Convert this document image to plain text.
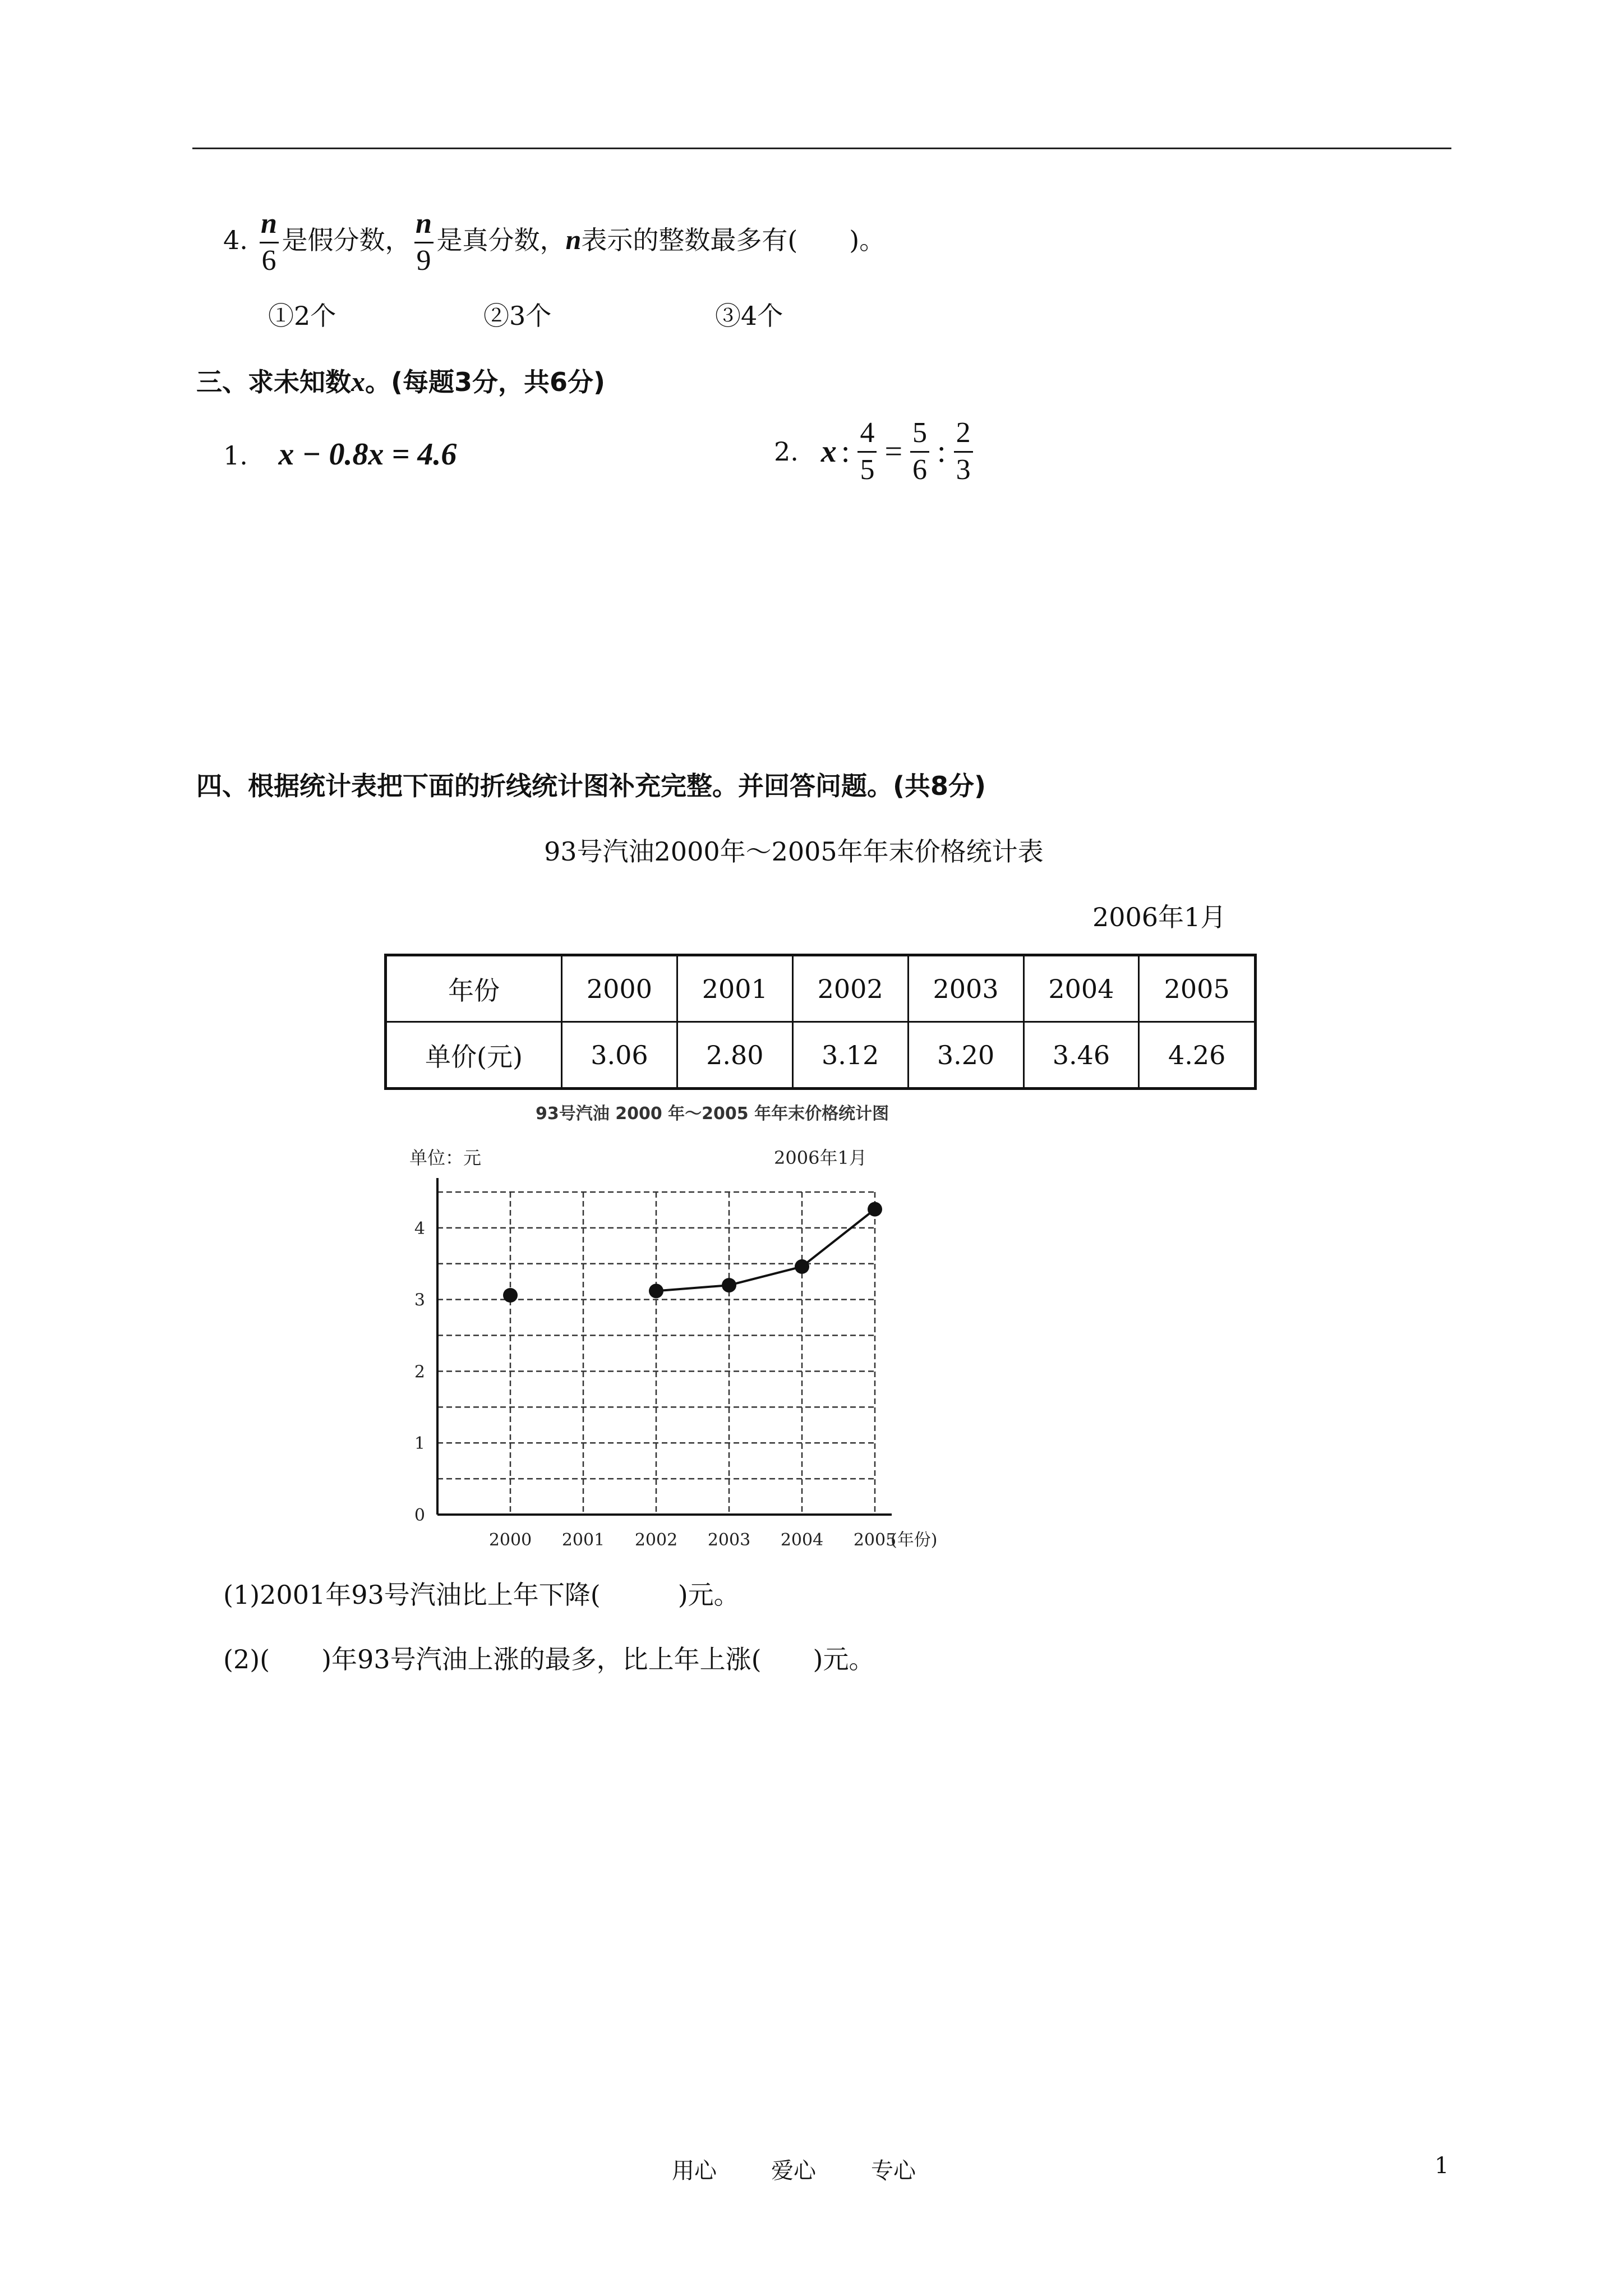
4. $\frac{n}{6}$ 是假分数， $\frac{n}{9}$ 是真分数，n表示的整数最多有(　　)。
①2个	②3个	③4个
三、求未知数x。(每题3分，共6分)
1. x − 0.8x = 4.6	2. x : $\frac{4}{5} = \frac{5}{6}$ : $\frac{2}{3}$
四、根据统计表把下面的折线统计图补充完整。并回答问题。(共8分)
93号汽油2000年～2005年年末价格统计表
2006年1月
年份	2000	2001	2002	2003	2004	2005
单价(元)	3.06	2.80	3.12	3.20	3.46	4.26
93号汽油 2000 年～2005 年年末价格统计图
0
1
2
3
4
2000 2001 2002 2003 2004 2005
单位：元
(年份)
2006年1月
(1)2001年93号汽油比上年下降(　　　)元。
(2)(　　)年93号汽油上涨的最多，比上年上涨(　　)元。
用心 爱心 专心	1
